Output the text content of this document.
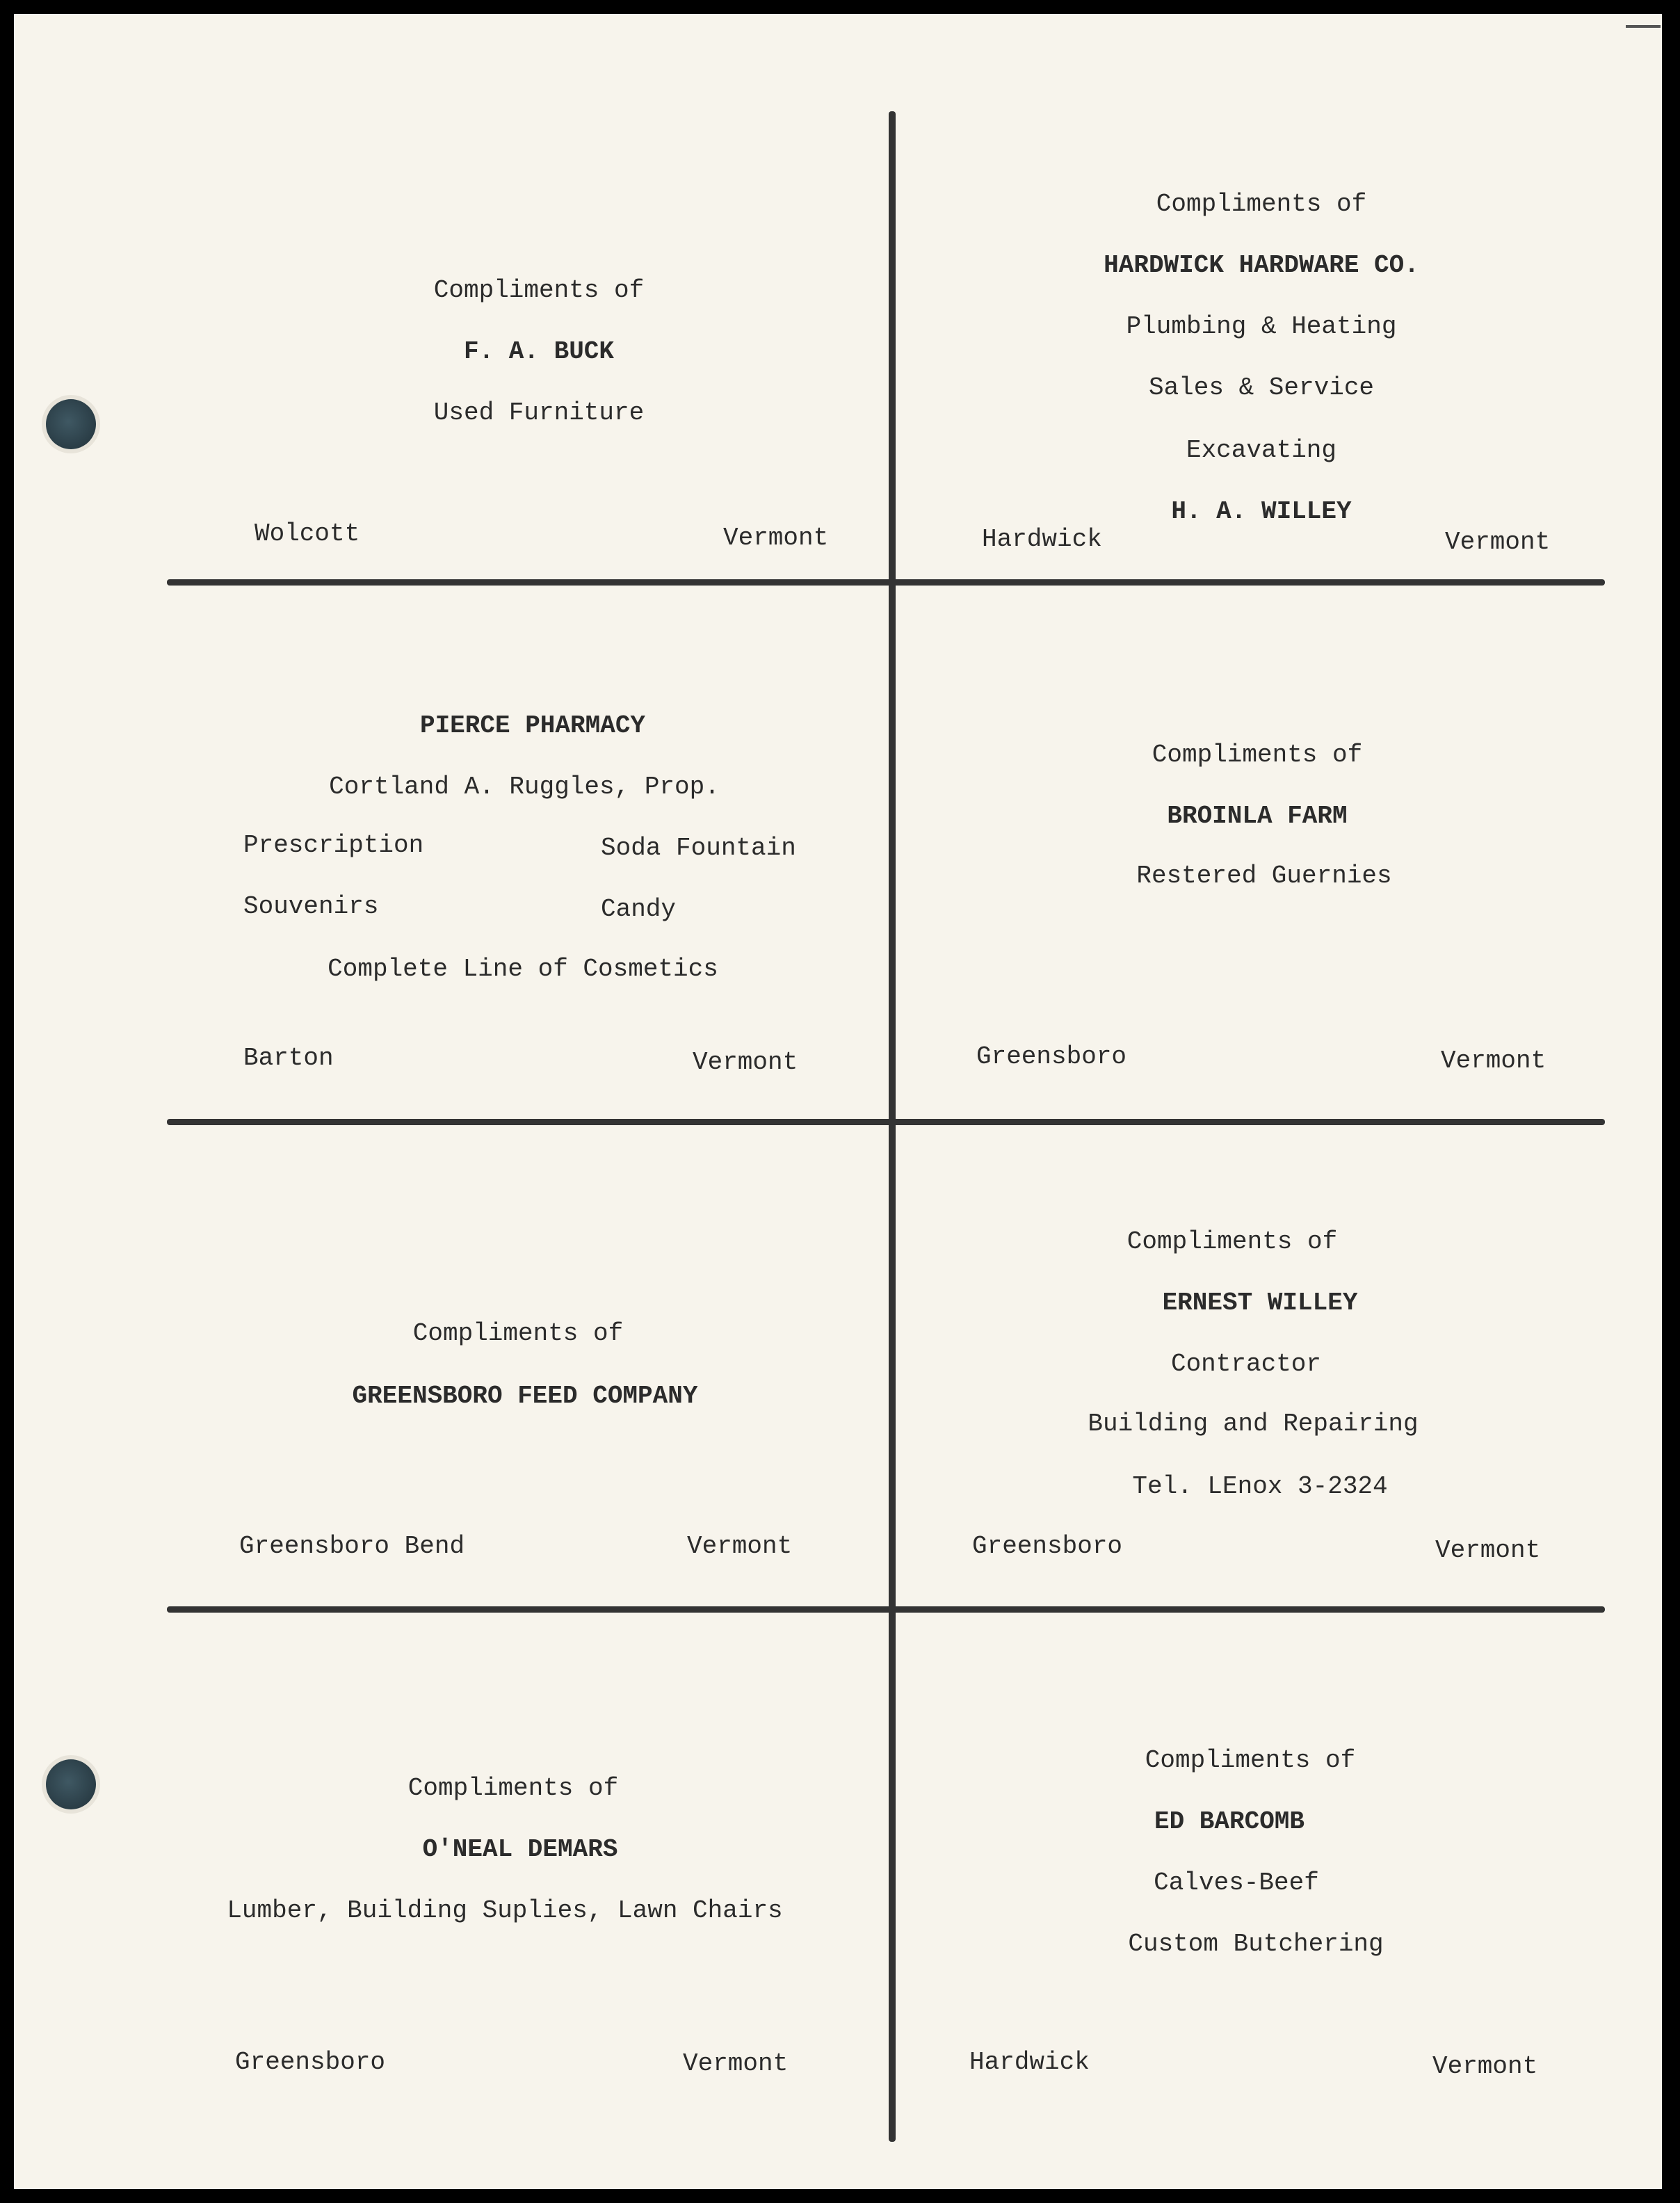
Compliments of
F. A. BUCK
Used Furniture
Wolcott	Vermont
Compliments of
HARDWICK HARDWARE CO.
Plumbing & Heating
Sales & Service
Excavating
H. A. WILLEY
Hardwick	Vermont
PIERCE PHARMACY
Cortland A. Ruggles, Prop.
Prescription	Soda Fountain
Souvenirs	Candy
Complete Line of Cosmetics
Barton	Vermont
Compliments of
BROINLA FARM
Restered Guernies
Greensboro	Vermont
Compliments of
GREENSBORO FEED COMPANY
Greensboro Bend	Vermont
Compliments of
ERNEST WILLEY
Contractor
Building and Repairing
Tel. LEnox 3-2324
Greensboro	Vermont
Compliments of
O'NEAL DEMARS
Lumber, Building Suplies, Lawn Chairs
Greensboro	Vermont
Compliments of
ED BARCOMB
Calves-Beef
Custom Butchering
Hardwick	Vermont
